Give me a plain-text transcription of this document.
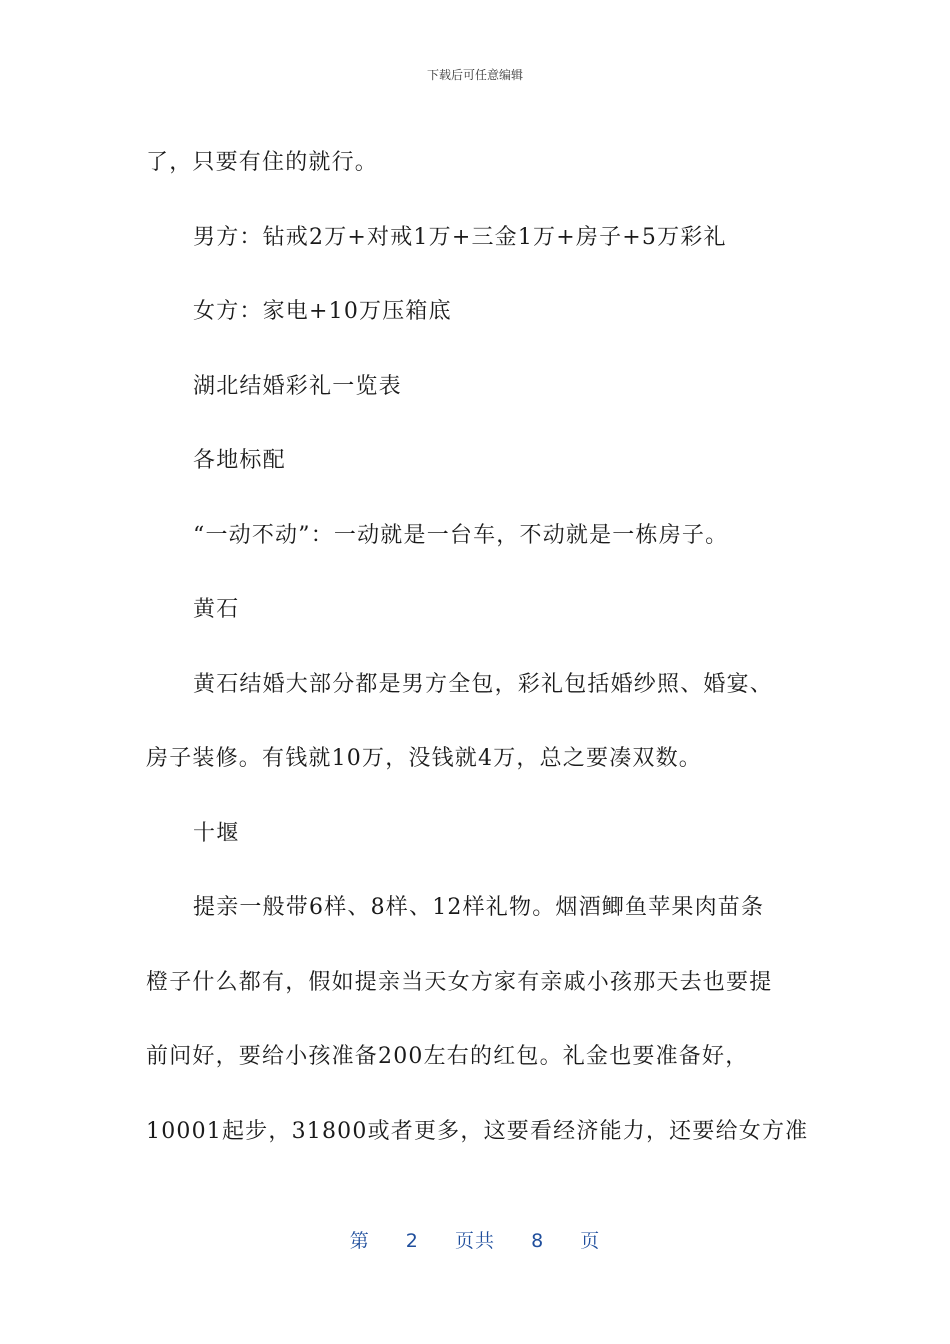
下载后可任意编辑

了，只要有住的就行。

男方：钻戒2万+对戒1万+三金1万+房子+5万彩礼

女方：家电+10万压箱底

湖北结婚彩礼一览表

各地标配

“一动不动”：一动就是一台车，不动就是一栋房子。

黄石

黄石结婚大部分都是男方全包，彩礼包括婚纱照、婚宴、

房子装修。有钱就10万，没钱就4万，总之要凑双数。

十堰

提亲一般带6样、8样、12样礼物。烟酒鲫鱼苹果肉苗条

橙子什么都有，假如提亲当天女方家有亲戚小孩那天去也要提

前问好，要给小孩准备200左右的红包。礼金也要准备好，

10001起步，31800或者更多，这要看经济能力，还要给女方准

第 2 页共 8 页
